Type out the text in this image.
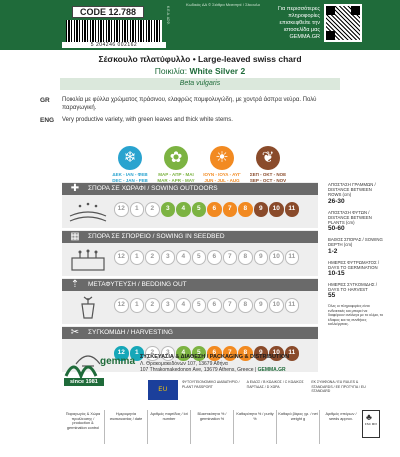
Κωδικός ΔΑ © Σιάθρα Μεσσηνέ / Σέκουλο
Κ.Ε.Α. ΑΣΦ.
CODE 12.788
5 204246 002162
Για περισσότερες πληροφορίες επισκεφθείτε την ιστοσελίδα μας GEMMA.GR
Σέσκουλο πλατύφυλλο • Large-leaved swiss chard
Ποικιλία: White Silver 2
Beta vulgaris
GR Ποικιλία με φύλλα χρώματος πράσινου, ελαφρώς πομφολυγώδη, με χοντρά άσπρα νεύρα. Πολύ παραγωγική.
ENG Very productive variety, with green leaves and thick white stems.
❄
ΔΕΚ - ΙΑΝ - ΦΕΒ
DEC - JAN - FEB
✿
ΜΑΡ - ΑΠΡ - ΜΑΙ
MAR - APR - MAY
☀
ΙΟΥΝ - ΙΟΥΛ - ΑΥΓ
JUN - JUL - AUG
❦
ΣΕΠ - ΟΚΤ - ΝΟΕ
SEP - OCT - NOV
ΑΠΟΣΤΑΣΗ ΓΡΑΜΜΩΝ / DISTANCE BETWEEN ROWS (cm)
26-30
ΑΠΟΣΤΑΣΗ ΦΥΤΩΝ / DISTANCE BETWEEN PLANTS (cm)
50-60
ΒΑΘΟΣ ΣΠΟΡΑΣ / SOWING DEPTH (cm)
1-2
ΗΜΕΡΕΣ ΦΥΤΡΩΜΑΤΟΣ / DAYS TO GERMINATION
10-15
ΗΜΕΡΕΣ ΣΥΓΚΟΜΙΔΗΣ / DAYS TO HARVEST
55
Όλες οι πληροφορίες είναι ενδεικτικές και μπορεί να διαφέρουν ανάλογα με το κλίμα, το έδαφος και τις συνθήκες καλλιέργειας.
ΣΠΟΡΑ ΣΕ ΧΩΡΑΦΙ / SOWING OUTDOORS
✚
12	1	2	3	4	5	6	7	8	9	10	11
ΣΠΟΡΑ ΣΕ ΣΠΟΡΕΙΟ / SOWING IN SEEDBED
▦
12	1	2	3	4	5	6	7	8	9	10	11
ΜΕΤΑΦΥΤΕΥΣΗ / BEDDING OUT
⇡
12	1	2	3	4	5	6	7	8	9	10	11
ΣΥΓΚΟΜΙΔΗ / HARVESTING
✂
12	1	2	3	4	5	6	7	8	9	10	11
gemma
since 1981
ΣΥΣΚΕΥΑΣΙΑ & ΔΙΑΘΕΣΗ / PACKAGING & DISTRIBUTION
Λ. Θρακομακεδόνων 107, 13679 Αθήνα
107 Thrakomakedonon Ave, 13679 Athens, Greece | GEMMA.GR
EU
ΦΥΤΟΥΓΕΙΟΝΟΜΙΚΟ ΔΙΑΒΑΤΗΡΙΟ / PLANT PASSPORT
Α ΕΙΔΟΣ / Β ΚΩΔΙΚΟΣ / C ΚΩΔΙΚΟΣ ΠΑΡΤΙΔΑΣ / D ΧΩΡΑ
ΕΚ ΣΥΜΦΩΝΑ / EU RULES & STANDARDS / ΕΕ ΠΡΟΤΥΠΑ / EU STANDARD
Παραγωγός & Χώρα προέλευσης / production & germination control
Ημερομηνία συσκευασίας / date
Αριθμός παρτίδας / lot number
Βλαστικότητα % / germination %
Καθαρότητα % / purity %
Καθαρό βάρος γρ. / net weight g
Αριθμός σπόρων / seeds approx.
FSC MIX
♣
